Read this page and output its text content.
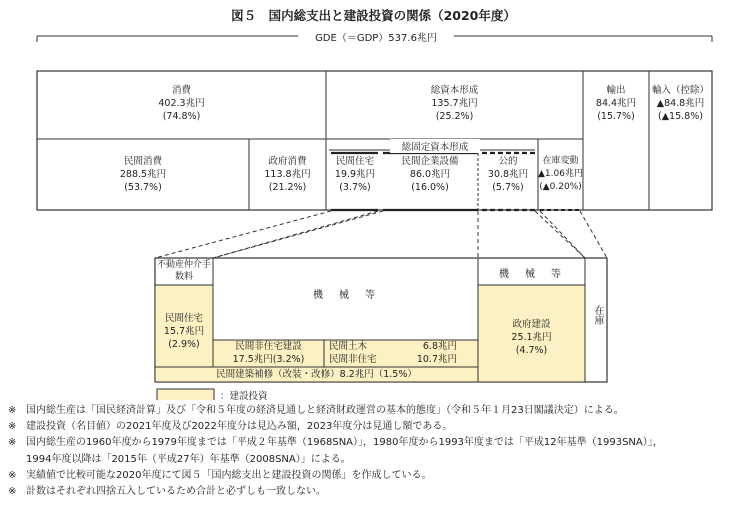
図５　国内総支出と建設投資の関係（2020年度）
GDE（＝GDP）537.6兆円
消費
402.3兆円
(74.8%)
総資本形成
135.7兆円
(25.2%)
輸出
84.4兆円
(15.7%)
輸入（控除）
▲84.8兆円
(▲15.8%)
総固定資本形成
民間消費
288.5兆円
(53.7%)
政府消費
113.8兆円
(21.2%)
民間住宅
19.9兆円
(3.7%)
民間企業設備
86.0兆円
(16.0%)
公的
30.8兆円
(5.7%)
在庫変動
▲1.06兆円
(▲0.20%)
不動産仲介手数料
機　械　等
機　械　等
在庫
民間住宅
15.7兆円
(2.9%)	民間非住宅建設
17.5兆円(3.2%)
民間土木	6.8兆円
民間非住宅	10.7兆円
政府建設
25.1兆円
(4.7%)
民間建築補修（改装・改修）8.2兆円（1.5%）
：建設投資
※ 国内総生産は「国民経済計算」及び「令和５年度の経済見通しと経済財政運営の基本的態度」（令和５年１月23日閣議決定）による。
※ 建設投資（名目値）の2021年度及び2022年度分は見込み額，2023年度分は見通し額である。
※ 国内総生産の1960年度から1979年度までは「平成２年基準（1968SNA）」，1980年度から1993年度までは「平成12年基準（1993SNA）」，
1994年度以降は「2015年（平成27年）年基準（2008SNA）」による。
※ 実績値で比較可能な2020年度にて図５「国内総支出と建設投資の関係」を作成している。
※ 計数はそれぞれ四捨五入しているため合計と必ずしも一致しない。
